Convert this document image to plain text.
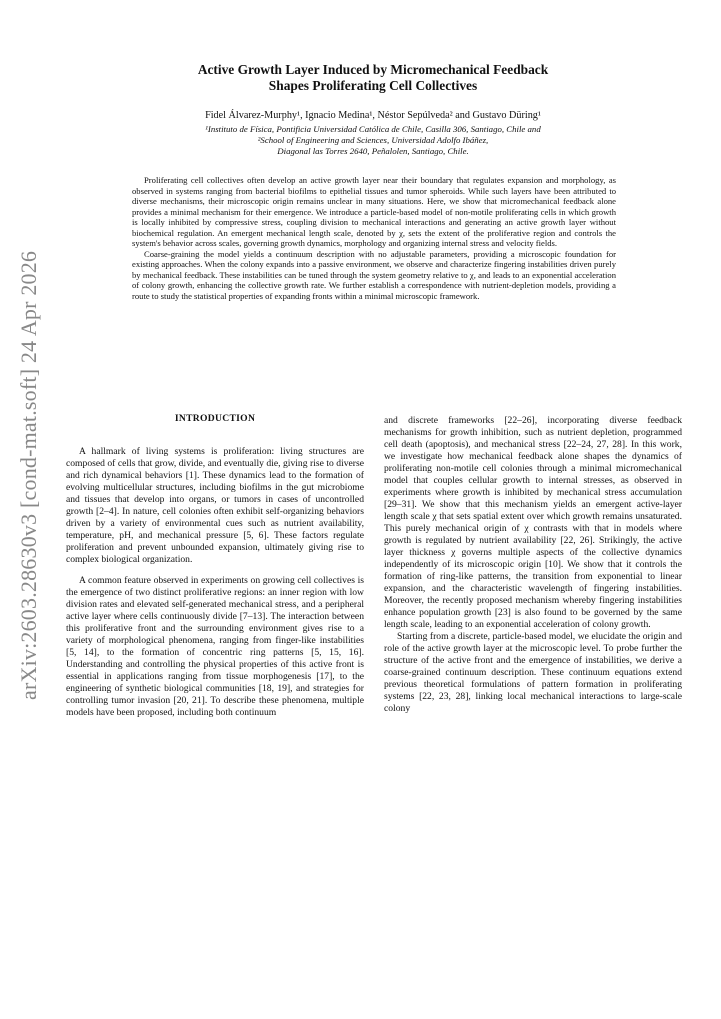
arXiv:2603.28630v3 [cond-mat.soft] 24 Apr 2026
Active Growth Layer Induced by Micromechanical Feedback
Shapes Proliferating Cell Collectives
Fidel Álvarez-Murphy¹, Ignacio Medina¹, Néstor Sepúlveda² and Gustavo Düring¹
¹Instituto de Física, Pontificia Universidad Católica de Chile, Casilla 306, Santiago, Chile and
²School of Engineering and Sciences, Universidad Adolfo Ibáñez,
Diagonal las Torres 2640, Peñalolen, Santiago, Chile.

Proliferating cell collectives often develop an active growth layer near their boundary that regulates expansion and morphology, as observed in systems ranging from bacterial biofilms to epithelial tissues and tumor spheroids. While such layers have been attributed to diverse mechanisms, their microscopic origin remains unclear in many situations. Here, we show that micromechanical feedback alone provides a minimal mechanism for their emergence. We introduce a particle-based model of non-motile proliferating cells in which growth is locally inhibited by compressive stress, coupling division to mechanical interactions and generating an active growth layer without biochemical regulation. An emergent mechanical length scale, denoted by χ, sets the extent of the proliferative region and controls the system's behavior across scales, governing growth dynamics, morphology and organizing internal stress and velocity fields.

Coarse-graining the model yields a continuum description with no adjustable parameters, providing a microscopic foundation for existing approaches. When the colony expands into a passive environment, we observe and characterize fingering instabilities driven purely by mechanical feedback. These instabilities can be tuned through the system geometry relative to χ, and leads to an exponential acceleration of colony growth, enhancing the collective growth rate. We further establish a correspondence with nutrient-depletion models, providing a route to study the statistical properties of expanding fronts within a minimal microscopic framework.

INTRODUCTION

A hallmark of living systems is proliferation: living structures are composed of cells that grow, divide, and eventually die, giving rise to diverse and rich dynamical behaviors [1]. These dynamics lead to the formation of evolving multicellular structures, including biofilms in the gut microbiome and tissues that develop into organs, or tumors in cases of uncontrolled growth [2–4]. In nature, cell colonies often exhibit self-organizing behaviors driven by a variety of environmental cues such as nutrient availability, temperature, pH, and mechanical pressure [5, 6]. These factors regulate proliferation and prevent unbounded expansion, ultimately giving rise to complex biological organization.

A common feature observed in experiments on growing cell collectives is the emergence of two distinct proliferative regions: an inner region with low division rates and elevated self-generated mechanical stress, and a peripheral active layer where cells continuously divide [7–13]. The interaction between this proliferative front and the surrounding environment gives rise to a variety of morphological phenomena, ranging from finger-like instabilities [5, 14], to the formation of concentric ring patterns [5, 15, 16]. Understanding and controlling the physical properties of this active front is essential in applications ranging from tissue morphogenesis [17], to the engineering of synthetic biological communities [18, 19], and strategies for controlling tumor invasion [20, 21]. To describe these phenomena, multiple models have been proposed, including both continuum

and discrete frameworks [22–26], incorporating diverse feedback mechanisms for growth inhibition, such as nutrient depletion, programmed cell death (apoptosis), and mechanical stress [22–24, 27, 28]. In this work, we investigate how mechanical feedback alone shapes the dynamics of proliferating non-motile cell colonies through a minimal micromechanical model that couples cellular growth to internal stresses, as observed in experiments where growth is inhibited by mechanical stress accumulation [29–31]. We show that this mechanism yields an emergent active-layer length scale χ that sets spatial extent over which growth remains unsaturated. This purely mechanical origin of χ contrasts with that in models where growth is regulated by nutrient availability [22, 26]. Strikingly, the active layer thickness χ governs multiple aspects of the collective dynamics independently of its microscopic origin [10]. We show that it controls the formation of ring-like patterns, the transition from exponential to linear expansion, and the characteristic wavelength of fingering instabilities. Moreover, the recently proposed mechanism whereby fingering instabilities enhance population growth [23] is also found to be governed by the same length scale, leading to an exponential acceleration of colony growth.

Starting from a discrete, particle-based model, we elucidate the origin and role of the active growth layer at the microscopic level. To probe further the structure of the active front and the emergence of instabilities, we derive a coarse-grained continuum description. These continuum equations extend previous theoretical formulations of pattern formation in proliferating systems [22, 23, 28], linking local mechanical interactions to large-scale colony
